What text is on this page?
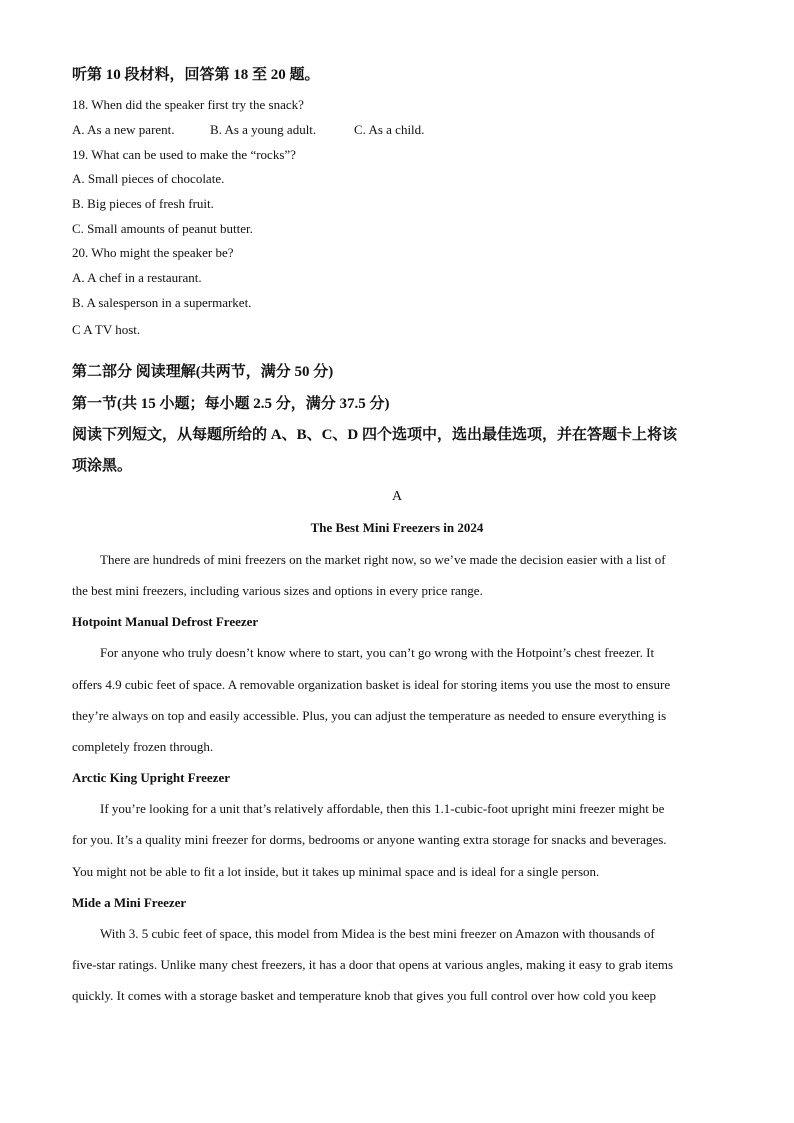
听第 10 段材料，回答第 18 至 20 题。
18. When did the speaker first try the snack?
A. As a new parent.	B. As a young adult.	C. As a child.
19. What can be used to make the “rocks”?
A. Small pieces of chocolate.
B. Big pieces of fresh fruit.
C. Small amounts of peanut butter.
20. Who might the speaker be?
A. A chef in a restaurant.
B. A salesperson in a supermarket.
C A TV host.
第二部分 阅读理解(共两节，满分 50 分)
第一节(共 15 小题；每小题 2.5 分，满分 37.5 分)
阅读下列短文，从每题所给的 A、B、C、D 四个选项中，选出最佳选项，并在答题卡上将该
项涂黑。
A
The Best Mini Freezers in 2024
There are hundreds of mini freezers on the market right now, so we’ve made the decision easier with a list of
the best mini freezers, including various sizes and options in every price range.
Hotpoint Manual Defrost Freezer
For anyone who truly doesn’t know where to start, you can’t go wrong with the Hotpoint’s chest freezer. It
offers 4.9 cubic feet of space. A removable organization basket is ideal for storing items you use the most to ensure
they’re always on top and easily accessible. Plus, you can adjust the temperature as needed to ensure everything is
completely frozen through.
Arctic King Upright Freezer
If you’re looking for a unit that’s relatively affordable, then this 1.1-cubic-foot upright mini freezer might be
for you. It’s a quality mini freezer for dorms, bedrooms or anyone wanting extra storage for snacks and beverages.
You might not be able to fit a lot inside, but it takes up minimal space and is ideal for a single person.
Mide a Mini Freezer
With 3. 5 cubic feet of space, this model from Midea is the best mini freezer on Amazon with thousands of
five-star ratings. Unlike many chest freezers, it has a door that opens at various angles, making it easy to grab items
quickly. It comes with a storage basket and temperature knob that gives you full control over how cold you keep
